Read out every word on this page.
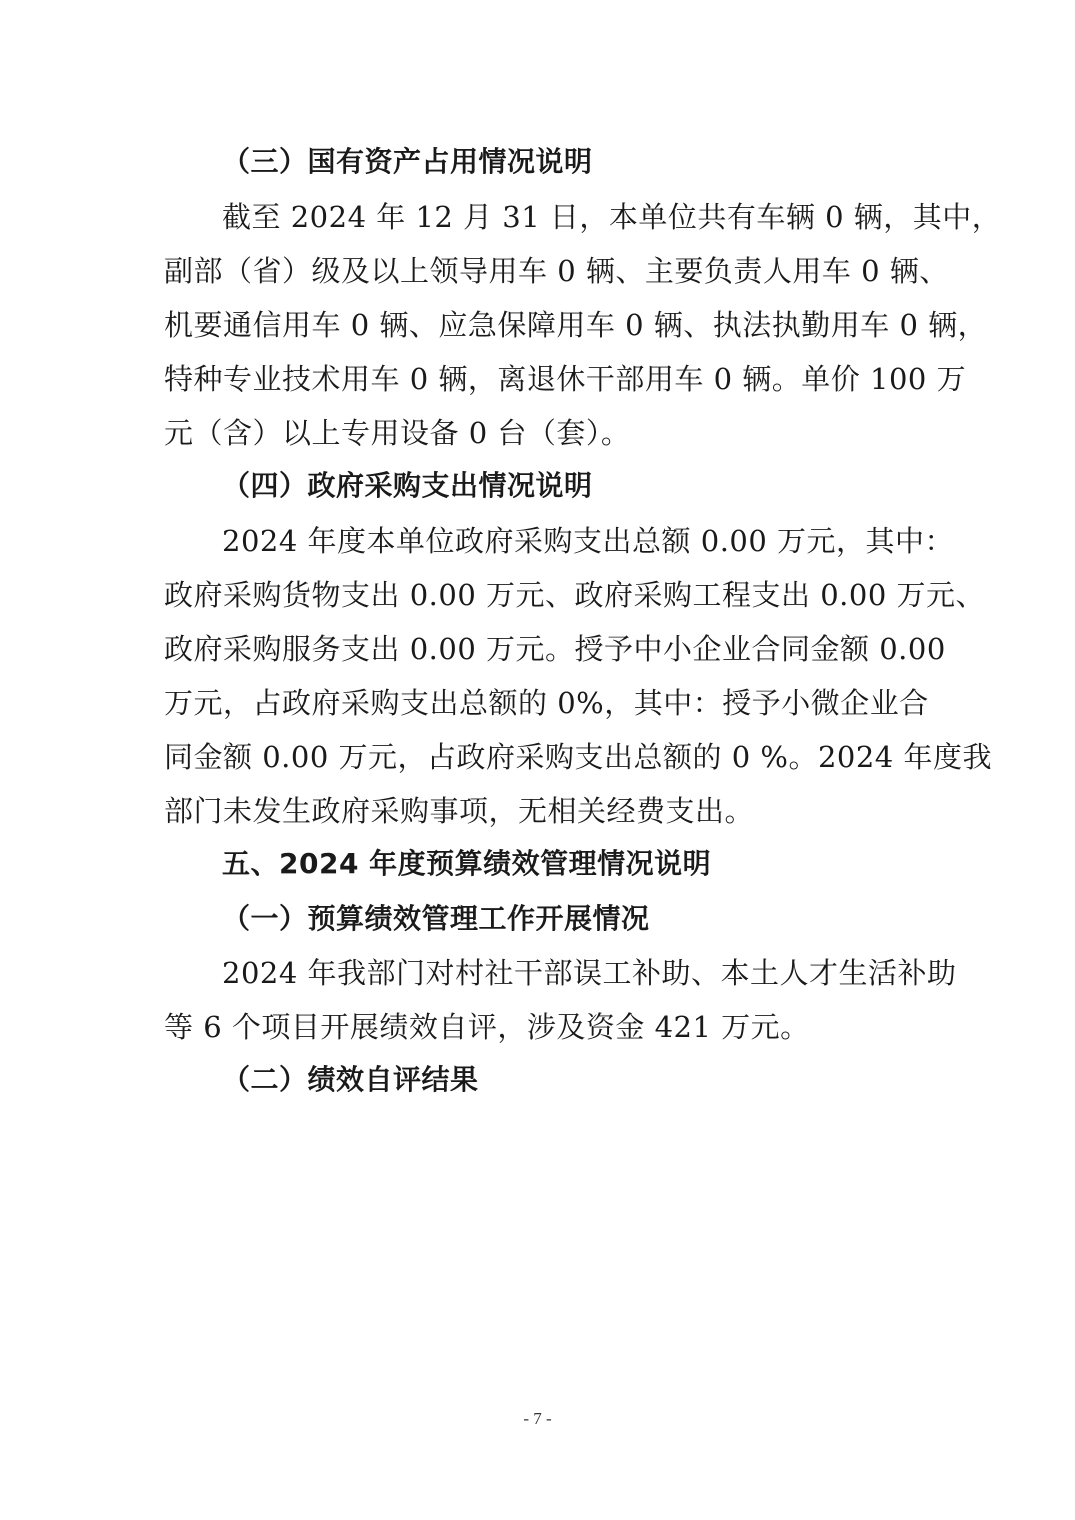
（三）国有资产占用情况说明
截至 2024 年 12 月 31 日，本单位共有车辆 0 辆，其中，
副部（省）级及以上领导用车 0 辆、主要负责人用车 0 辆、
机要通信用车 0 辆、应急保障用车 0 辆、执法执勤用车 0 辆，
特种专业技术用车 0 辆，离退休干部用车 0 辆。单价 100 万
元（含）以上专用设备 0 台（套）。
（四）政府采购支出情况说明
2024 年度本单位政府采购支出总额 0.00 万元，其中：
政府采购货物支出 0.00 万元、政府采购工程支出 0.00 万元、
政府采购服务支出 0.00 万元。授予中小企业合同金额 0.00
万元，占政府采购支出总额的 0%，其中：授予小微企业合
同金额 0.00 万元，占政府采购支出总额的 0 %。2024 年度我
部门未发生政府采购事项，无相关经费支出。
五、2024 年度预算绩效管理情况说明
（一）预算绩效管理工作开展情况
2024 年我部门对村社干部误工补助、本土人才生活补助
等 6 个项目开展绩效自评，涉及资金 421 万元。
（二）绩效自评结果
- 7 -
